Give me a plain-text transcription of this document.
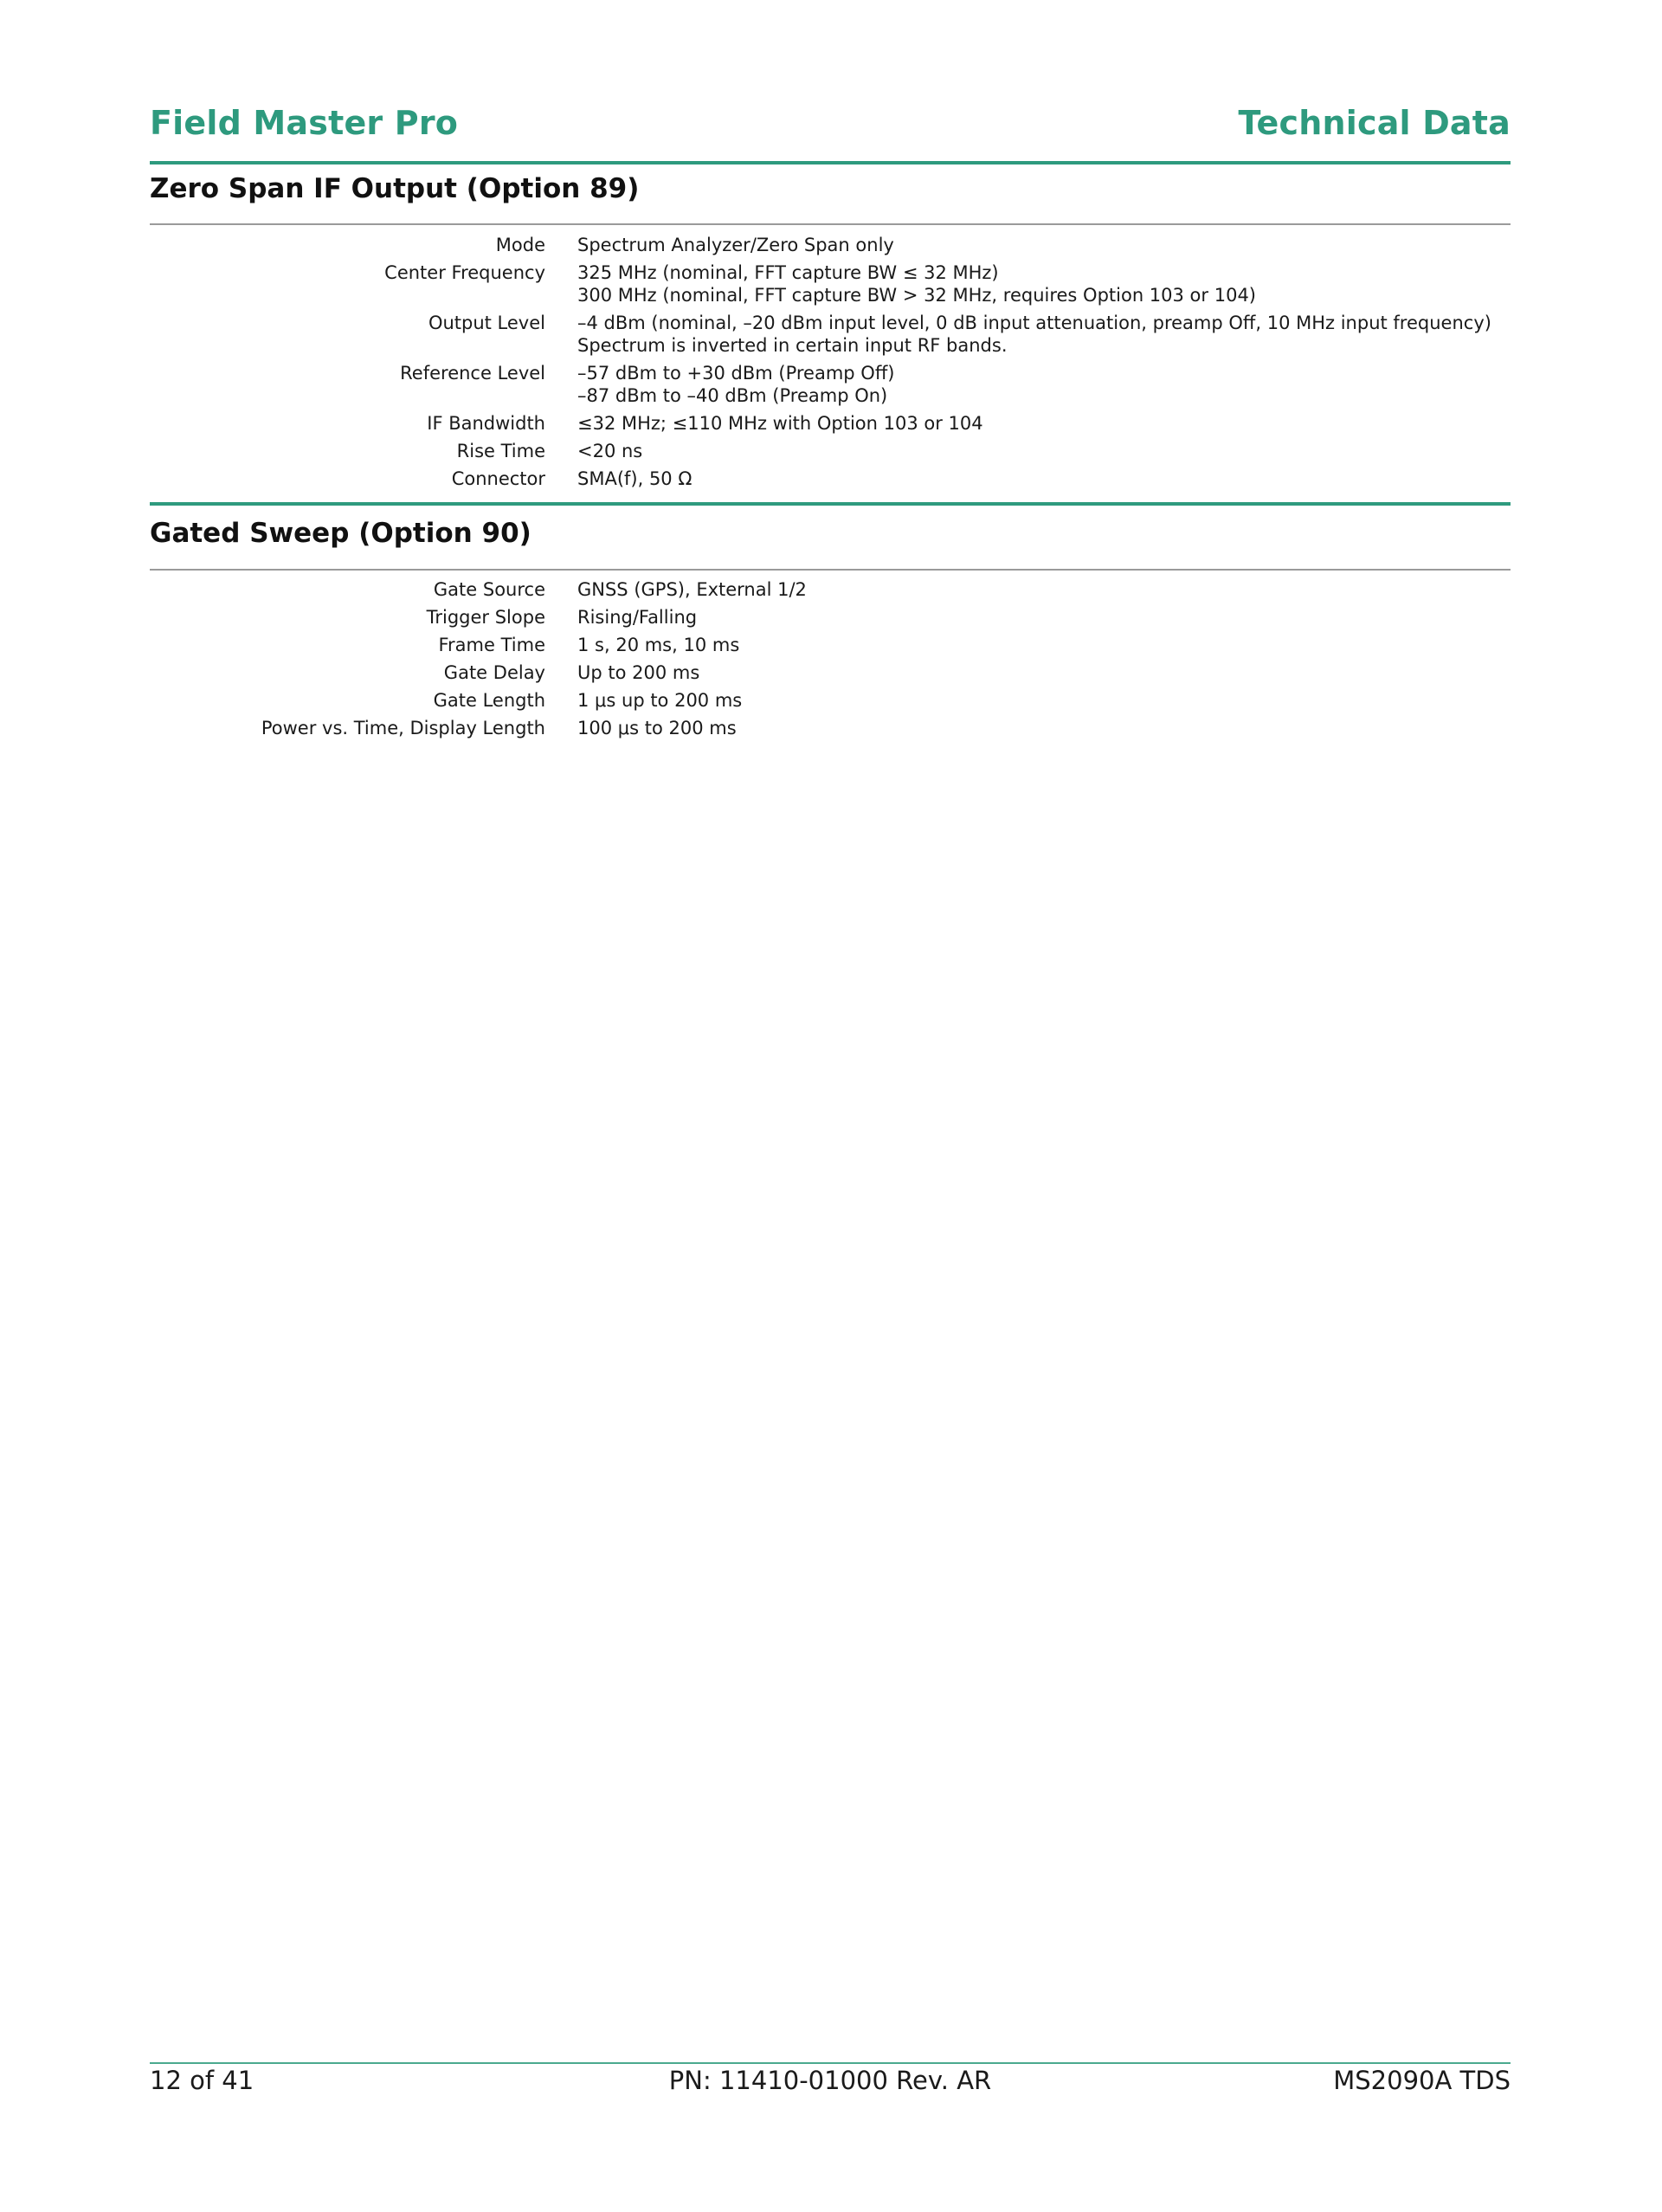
Field Master Pro	Technical Data
Zero Span IF Output (Option 89)
Mode	Spectrum Analyzer/Zero Span only

Center Frequency	325 MHz (nominal, FFT capture BW ≤ 32 MHz)
300 MHz (nominal, FFT capture BW > 32 MHz, requires Option 103 or 104)

Output Level	–4 dBm (nominal, –20 dBm input level, 0 dB input attenuation, preamp Off, 10 MHz input frequency)
Spectrum is inverted in certain input RF bands.

Reference Level	–57 dBm to +30 dBm (Preamp Off)
–87 dBm to –40 dBm (Preamp On)

IF Bandwidth	≤32 MHz; ≤110 MHz with Option 103 or 104

Rise Time	<20 ns

Connector	SMA(f), 50 Ω
Gated Sweep (Option 90)
Gate Source	GNSS (GPS), External 1/2

Trigger Slope	Rising/Falling

Frame Time	1 s, 20 ms, 10 ms

Gate Delay	Up to 200 ms

Gate Length	1 μs up to 200 ms

Power vs. Time, Display Length	100 μs to 200 ms
12 of 41	PN: 11410-01000 Rev. AR	MS2090A TDS
